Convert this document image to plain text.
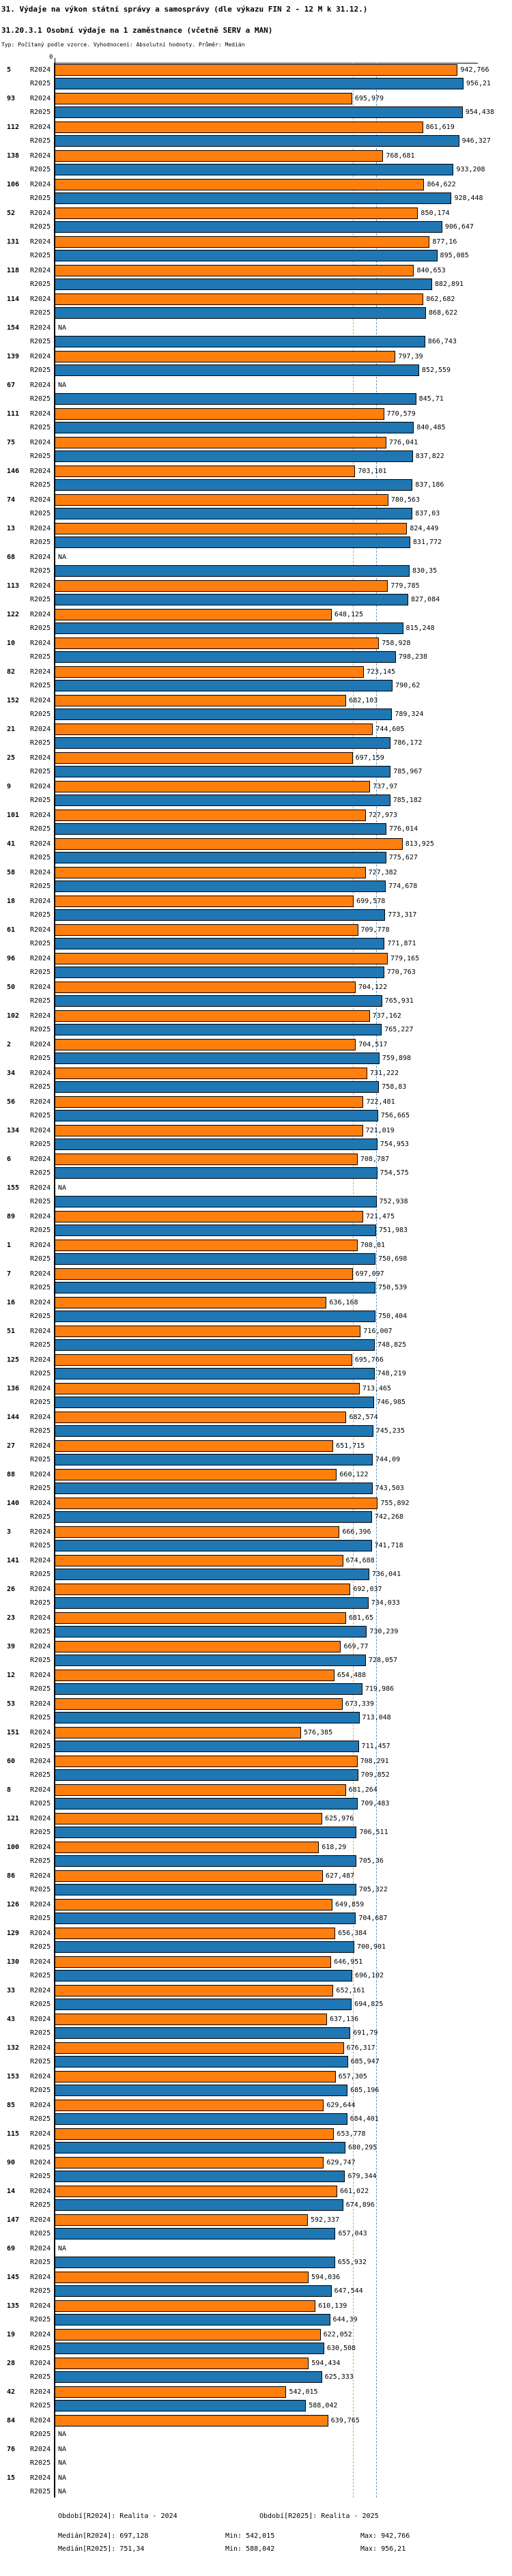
31. Výdaje na výkon státní správy a samosprávy (dle výkazu FIN 2 - 12 M k 31.12.)
31.20.3.1 Osobní výdaje na 1 zaměstnance (včetně SERV a MAN)
Typ: Počítaný podle vzorce. Vyhodnocení: Absolutní hodnoty. Průměr: Medián
0
5	R2024	942,766
R2025	956,21
93	R2024	695,979
R2025	954,438
112	R2024	861,619
R2025	946,327
138	R2024	768,681
R2025	933,208
106	R2024	864,622
R2025	928,448
52	R2024	850,174
R2025	906,647
131	R2024	877,16
R2025	895,085
118	R2024	840,653
R2025	882,891
114	R2024	862,682
R2025	868,622
154	R2024	NA
R2025	866,743
139	R2024	797,39
R2025	852,559
67	R2024	NA
R2025	845,71
111	R2024	770,579
R2025	840,485
75	R2024	776,041
R2025	837,822
146	R2024	703,101
R2025	837,186
74	R2024	780,563
R2025	837,03
13	R2024	824,449
R2025	831,772
68	R2024	NA
R2025	830,35
113	R2024	779,785
R2025	827,084
122	R2024	648,125
R2025	815,248
10	R2024	758,928
R2025	798,238
82	R2024	723,145
R2025	790,62
152	R2024	682,103
R2025	789,324
21	R2024	744,605
R2025	786,172
25	R2024	697,159
R2025	785,967
9	R2024	737,97
R2025	785,182
101	R2024	727,973
R2025	776,014
41	R2024	813,925
R2025	775,627
58	R2024	727,382
R2025	774,678
18	R2024	699,578
R2025	773,317
61	R2024	709,778
R2025	771,871
96	R2024	779,165
R2025	770,763
50	R2024	704,122
R2025	765,931
102	R2024	737,162
R2025	765,227
2	R2024	704,517
R2025	759,898
34	R2024	731,222
R2025	758,83
56	R2024	722,481
R2025	756,665
134	R2024	721,019
R2025	754,953
6	R2024	708,787
R2025	754,575
155	R2024	NA
R2025	752,938
89	R2024	721,475
R2025	751,983
1	R2024	708,81
R2025	750,698
7	R2024	697,097
R2025	750,539
16	R2024	636,168
R2025	750,404
51	R2024	716,007
R2025	748,825
125	R2024	695,766
R2025	748,219
136	R2024	713,465
R2025	746,985
144	R2024	682,574
R2025	745,235
27	R2024	651,715
R2025	744,09
88	R2024	660,122
R2025	743,503
140	R2024	755,892
R2025	742,268
3	R2024	666,396
R2025	741,718
141	R2024	674,688
R2025	736,041
26	R2024	692,037
R2025	734,033
23	R2024	681,65
R2025	730,239
39	R2024	669,77
R2025	728,057
12	R2024	654,488
R2025	719,986
53	R2024	673,339
R2025	713,048
151	R2024	576,385
R2025	711,457
60	R2024	708,291
R2025	709,852
8	R2024	681,264
R2025	709,483
121	R2024	625,976
R2025	706,511
100	R2024	618,29
R2025	705,36
86	R2024	627,487
R2025	705,322
126	R2024	649,859
R2025	704,687
129	R2024	656,384
R2025	700,901
130	R2024	646,951
R2025	696,102
33	R2024	652,161
R2025	694,825
43	R2024	637,136
R2025	691,79
132	R2024	676,317
R2025	685,947
153	R2024	657,305
R2025	685,196
85	R2024	629,644
R2025	684,401
115	R2024	653,778
R2025	680,295
90	R2024	629,747
R2025	679,344
14	R2024	661,022
R2025	674,896
147	R2024	592,337
R2025	657,043
69	R2024	NA
R2025	655,932
145	R2024	594,036
R2025	647,544
135	R2024	610,139
R2025	644,39
19	R2024	622,052
R2025	630,508
28	R2024	594,434
R2025	625,333
42	R2024	542,015
R2025	588,042
84	R2024	639,765
R2025	NA
76	R2024	NA
R2025	NA
15	R2024	NA
R2025	NA
Období[R2024]: Realita - 2024	Období[R2025]: Realita - 2025
Medián[R2024]: 697,128	Min: 542,015	Max: 942,766
Medián[R2025]: 751,34	Min: 588,042	Max: 956,21
